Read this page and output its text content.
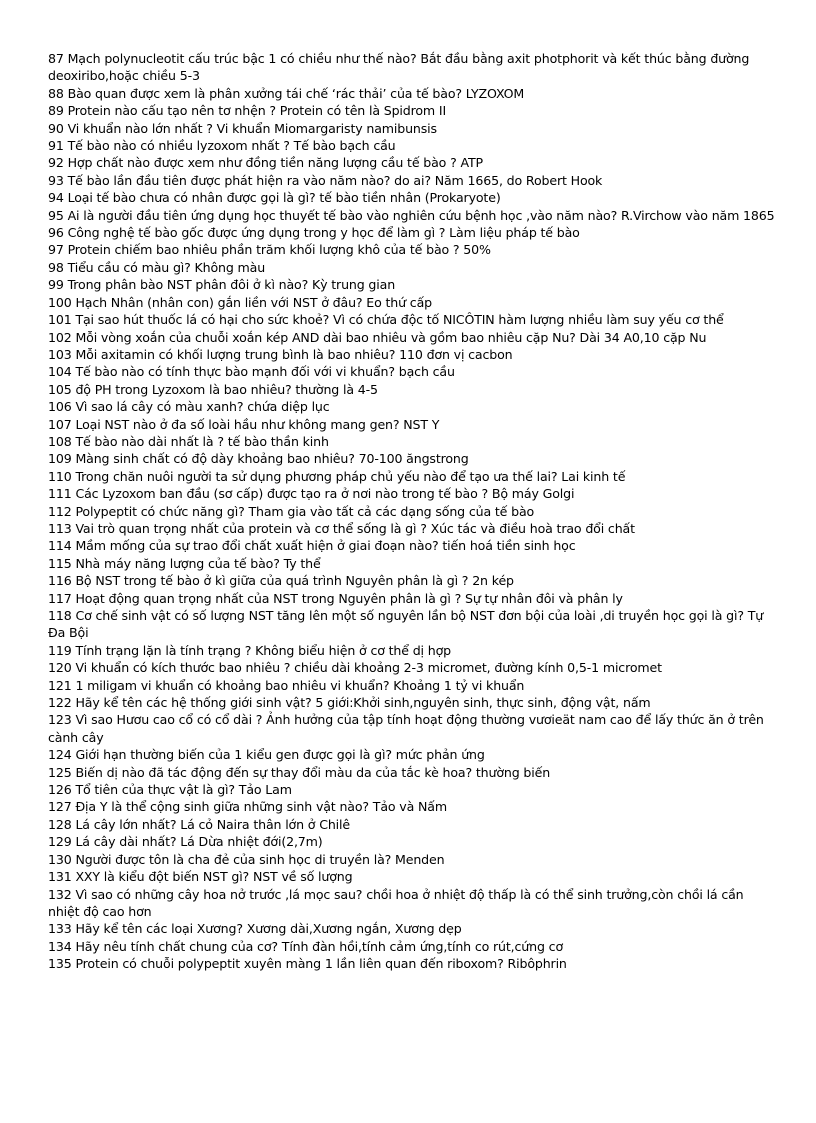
87 Mạch polynucleotit cấu trúc bậc 1 có chiều như thế nào? Bắt đầu bằng axit photphorit và kết thúc bằng đường deoxiribo,hoặc chiều 5-3
88 Bào quan được xem là phân xưởng tái chế ‘rác thải’ của tế bào? LYZOXOM
89 Protein nào cấu tạo nên tơ nhện ? Protein có tên là Spidrom II
90 Vi khuẩn nào lớn nhất ? Vi khuẩn Miomargaristy namibunsis
91 Tế bào nào có nhiều lyzoxom nhất ? Tế bào bạch cầu
92 Hợp chất nào được xem như đồng tiền năng lượng cầu tế bào ? ATP
93 Tế bào lần đầu tiên được phát hiện ra vào năm nào? do ai? Năm 1665, do Robert Hook
94 Loại tế bào chưa có nhân được gọi là gì? tế bào tiền nhân (Prokaryote)
95 Ai là người đầu tiên ứng dụng học thuyết tế bào vào nghiên cứu bệnh học ,vào năm nào? R.Virchow vào năm 1865
96 Công nghệ tế bào gốc được ứng dụng trong y học để làm gì ? Làm liệu pháp tế bào
97 Protein chiếm bao nhiêu phần trăm khối lượng khô của tế bào ? 50%
98 Tiểu cầu có màu gì? Không màu
99 Trong phân bào NST phân đôi ở kì nào? Kỳ trung gian
100 Hạch Nhân (nhân con) gắn liền với NST ở đâu? Eo thứ cấp
101 Tại sao hút thuốc lá có hại cho sức khoẻ? Vì có chứa độc tố NICÔTIN hàm lượng nhiều làm suy yếu cơ thể
102 Mỗi vòng xoắn của chuỗi xoắn kép AND dài bao nhiêu và gồm bao nhiêu cặp Nu? Dài 34 A0,10 cặp Nu
103 Mỗi axitamin có khối lượng trung bình là bao nhiêu? 110 đơn vị cacbon
104 Tế bào nào có tính thực bào mạnh đối với vi khuẩn? bạch cầu
105 độ PH trong Lyzoxom là bao nhiêu? thường là 4-5
106 Vì sao lá cây có màu xanh? chứa diệp lục
107 Loại NST nào ở đa số loài hầu như không mang gen? NST Y
108 Tế bào nào dài nhất là ? tế bào thần kinh
109 Màng sinh chất có độ dày khoảng bao nhiêu? 70-100 ăngstrong
110 Trong chăn nuôi người ta sử dụng phương pháp chủ yếu nào để tạo ưa thế lai? Lai kinh tế
111 Các Lyzoxom ban đầu (sơ cấp) được tạo ra ở nơi nào trong tế bào ? Bộ máy Golgi
112 Polypeptit có chức năng gì? Tham gia vào tất cả các dạng sống của tế bào
113 Vai trò quan trọng nhất của protein và cơ thể sống là gì ? Xúc tác và điều hoà trao đổi chất
114 Mầm mống của sự trao đổi chất xuất hiện ở giai đoạn nào? tiến hoá tiền sinh học
115 Nhà máy năng lượng của tế bào? Ty thể
116 Bộ NST trong tế bào ở kì giữa của quá trình Nguyên phân là gì ? 2n kép
117 Hoạt động quan trọng nhất của NST trong Nguyên phân là gì ? Sự tự nhân đôi và phân ly
118 Cơ chế sinh vật có số lượng NST tăng lên một số nguyên lần bộ NST đơn bội của loài ,di truyền học gọi là gì? Tự Đa Bội
119 Tính trạng lặn là tính trạng ? Không biểu hiện ở cơ thể dị hợp
120 Vi khuẩn có kích thước bao nhiêu ? chiều dài khoảng 2-3 micromet, đường kính 0,5-1 micromet
121 1 miligam vi khuẩn có khoảng bao nhiêu vi khuẩn? Khoảng 1 tỷ vi khuẩn
122 Hãy kể tên các hệ thống giới sinh vật? 5 giới:Khởi sinh,nguyên sinh, thực sinh, động vật, nấm
123 Vì sao Hươu cao cổ có cổ dài ? Ảnh hưởng của tập tính hoạt động thường vươieät nam cao để lấy thức ăn ở trên cành cây
124 Giới hạn thường biến của 1 kiểu gen được gọi là gì? mức phản ứng
125 Biến dị nào đã tác động đến sự thay đổi màu da của tắc kè hoa? thường biến
126 Tổ tiên của thực vật là gì? Tảo Lam
127 Địa Y là thể cộng sinh giữa những sinh vật nào? Tảo và Nấm
128 Lá cây lớn nhất? Lá cỏ Naira thân lớn ở Chilê
129 Lá cây dài nhất? Lá Dừa nhiệt đới(2,7m)
130 Người được tôn là cha đẻ của sinh học di truyền là? Menden
131 XXY là kiểu đột biến NST gì? NST về số lượng
132 Vì sao có những cây hoa nở trước ,lá mọc sau? chồi hoa ở nhiệt độ thấp là có thể sinh trưởng,còn chồi lá cần nhiệt độ cao hơn
133 Hãy kể tên các loại Xương? Xương dài,Xương ngắn, Xương dẹp
134 Hãy nêu tính chất chung của cơ? Tính đàn hồi,tính cảm ứng,tính co rút,cứng cơ
135 Protein có chuỗi polypeptit xuyên màng 1 lần liên quan đến riboxom? Ribôphrin
